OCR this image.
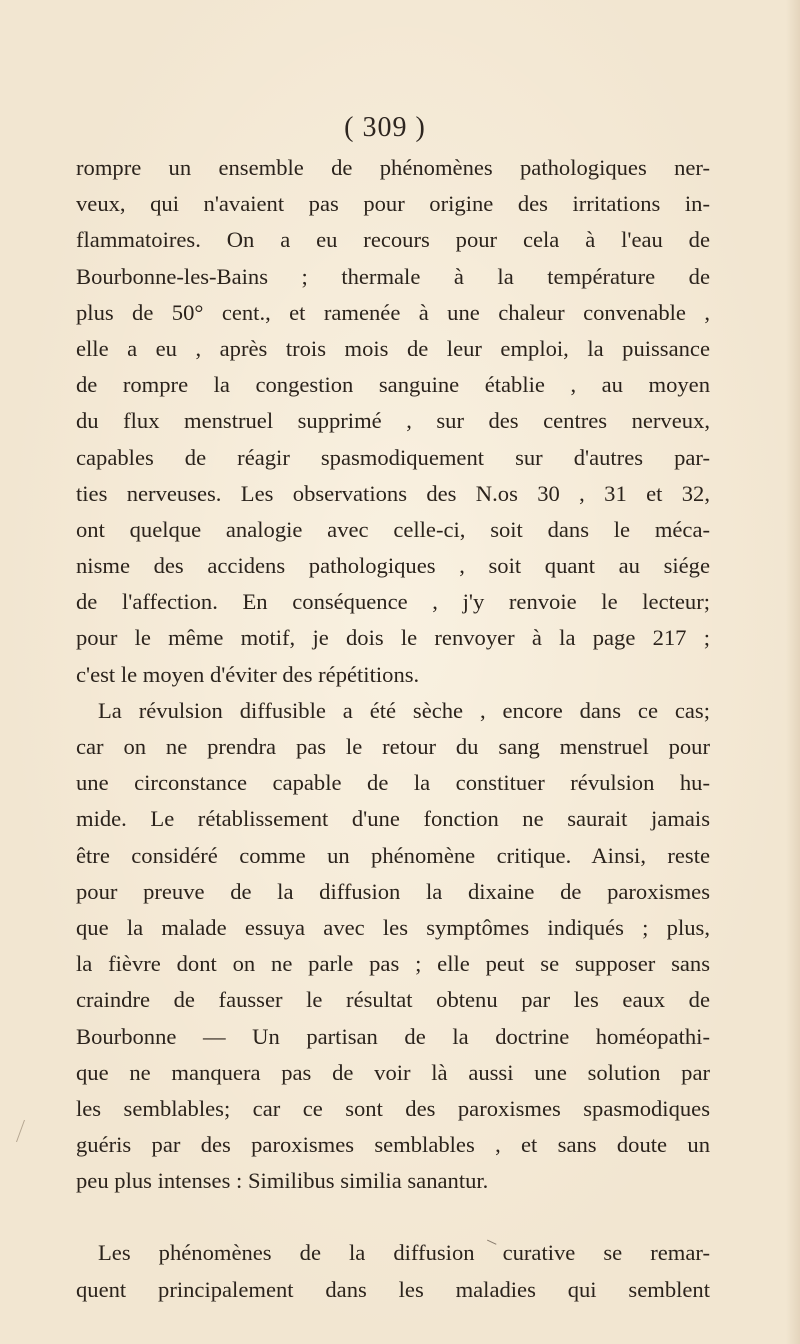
( 309 )
rompre un ensemble de phénomènes pathologiques ner-
veux, qui n'avaient pas pour origine des irritations in-
flammatoires. On a eu recours pour cela à l'eau de
Bourbonne-les-Bains ; thermale à la température de
plus de 50° cent., et ramenée à une chaleur convenable ,
elle a eu , après trois mois de leur emploi, la puissance
de rompre la congestion sanguine établie , au moyen
du flux menstruel supprimé , sur des centres nerveux,
capables de réagir spasmodiquement sur d'autres par-
ties nerveuses. Les observations des N.os 30 , 31 et 32,
ont quelque analogie avec celle-ci, soit dans le méca-
nisme des accidens pathologiques , soit quant au siége
de l'affection. En conséquence , j'y renvoie le lecteur;
pour le même motif, je dois le renvoyer à la page 217 ;
c'est le moyen d'éviter des répétitions.
La révulsion diffusible a été sèche , encore dans ce cas;
car on ne prendra pas le retour du sang menstruel pour
une circonstance capable de la constituer révulsion hu-
mide. Le rétablissement d'une fonction ne saurait jamais
être considéré comme un phénomène critique. Ainsi, reste
pour preuve de la diffusion la dixaine de paroxismes
que la malade essuya avec les symptômes indiqués ; plus,
la fièvre dont on ne parle pas ; elle peut se supposer sans
craindre de fausser le résultat obtenu par les eaux de
Bourbonne — Un partisan de la doctrine homéopathi-
que ne manquera pas de voir là aussi une solution par
les semblables; car ce sont des paroxismes spasmodiques
guéris par des paroxismes semblables , et sans doute un
peu plus intenses : Similibus similia sanantur.
Les phénomènes de la diffusion curative se remar-
quent principalement dans les maladies qui semblent
